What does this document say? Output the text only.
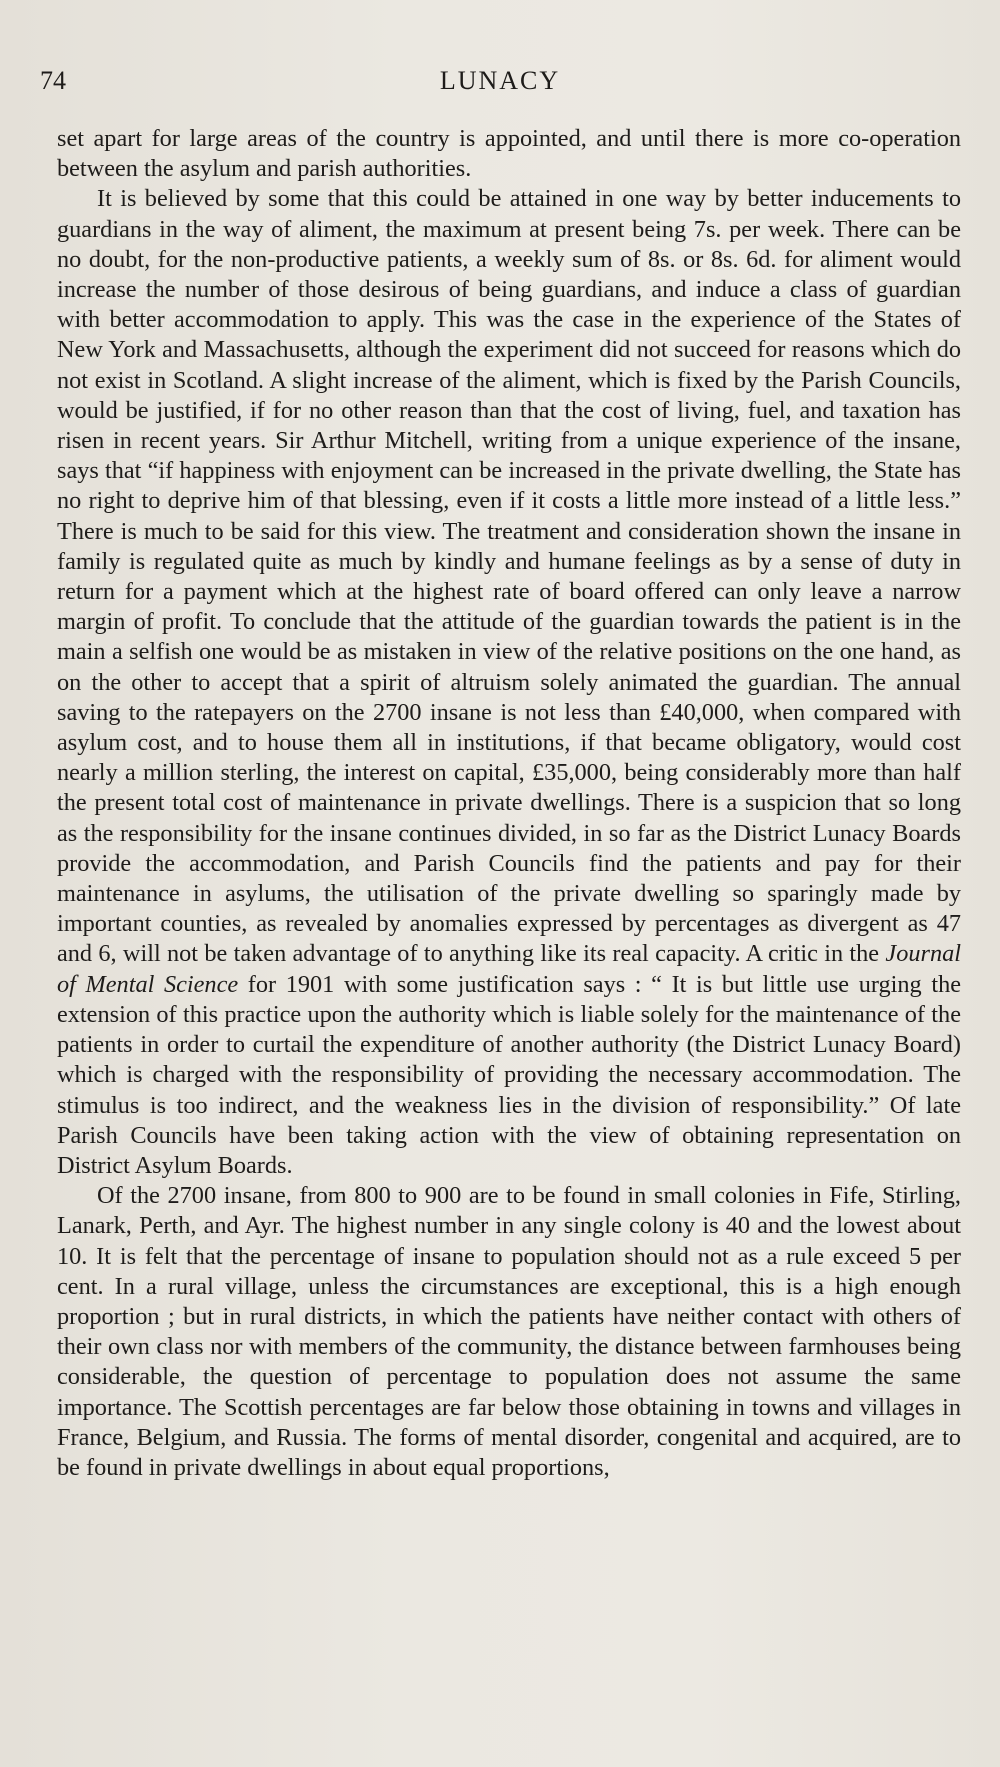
74	LUNACY

set apart for large areas of the country is appointed, and until there is more co-operation between the asylum and parish authorities.

It is believed by some that this could be attained in one way by better inducements to guardians in the way of aliment, the maximum at present being 7s. per week. There can be no doubt, for the non-productive patients, a weekly sum of 8s. or 8s. 6d. for aliment would increase the number of those desirous of being guardians, and induce a class of guardian with better accommodation to apply. This was the case in the experience of the States of New York and Massachusetts, although the experiment did not succeed for reasons which do not exist in Scotland. A slight increase of the aliment, which is fixed by the Parish Councils, would be justified, if for no other reason than that the cost of living, fuel, and taxation has risen in recent years. Sir Arthur Mitchell, writing from a unique experience of the insane, says that “if happiness with enjoyment can be increased in the private dwelling, the State has no right to deprive him of that blessing, even if it costs a little more instead of a little less.” There is much to be said for this view. The treatment and consideration shown the insane in family is regulated quite as much by kindly and humane feelings as by a sense of duty in return for a payment which at the highest rate of board offered can only leave a narrow margin of profit. To conclude that the attitude of the guardian towards the patient is in the main a selfish one would be as mistaken in view of the relative positions on the one hand, as on the other to accept that a spirit of altruism solely animated the guardian. The annual saving to the ratepayers on the 2700 insane is not less than £40,000, when compared with asylum cost, and to house them all in institutions, if that became obligatory, would cost nearly a million sterling, the interest on capital, £35,000, being considerably more than half the present total cost of maintenance in private dwellings. There is a suspicion that so long as the responsibility for the insane continues divided, in so far as the District Lunacy Boards provide the accommodation, and Parish Councils find the patients and pay for their maintenance in asylums, the utilisation of the private dwelling so sparingly made by important counties, as revealed by anomalies expressed by percentages as divergent as 47 and 6, will not be taken advantage of to anything like its real capacity. A critic in the Journal of Mental Science for 1901 with some justification says : “ It is but little use urging the extension of this practice upon the authority which is liable solely for the maintenance of the patients in order to curtail the expenditure of another authority (the District Lunacy Board) which is charged with the responsibility of providing the necessary accommodation. The stimulus is too indirect, and the weakness lies in the division of responsibility.” Of late Parish Councils have been taking action with the view of obtaining representation on District Asylum Boards.

Of the 2700 insane, from 800 to 900 are to be found in small colonies in Fife, Stirling, Lanark, Perth, and Ayr. The highest number in any single colony is 40 and the lowest about 10. It is felt that the percentage of insane to population should not as a rule exceed 5 per cent. In a rural village, unless the circumstances are exceptional, this is a high enough proportion ; but in rural districts, in which the patients have neither contact with others of their own class nor with members of the community, the distance between farmhouses being considerable, the question of percentage to population does not assume the same importance. The Scottish percentages are far below those obtaining in towns and villages in France, Belgium, and Russia. The forms of mental disorder, congenital and acquired, are to be found in private dwellings in about equal proportions,
